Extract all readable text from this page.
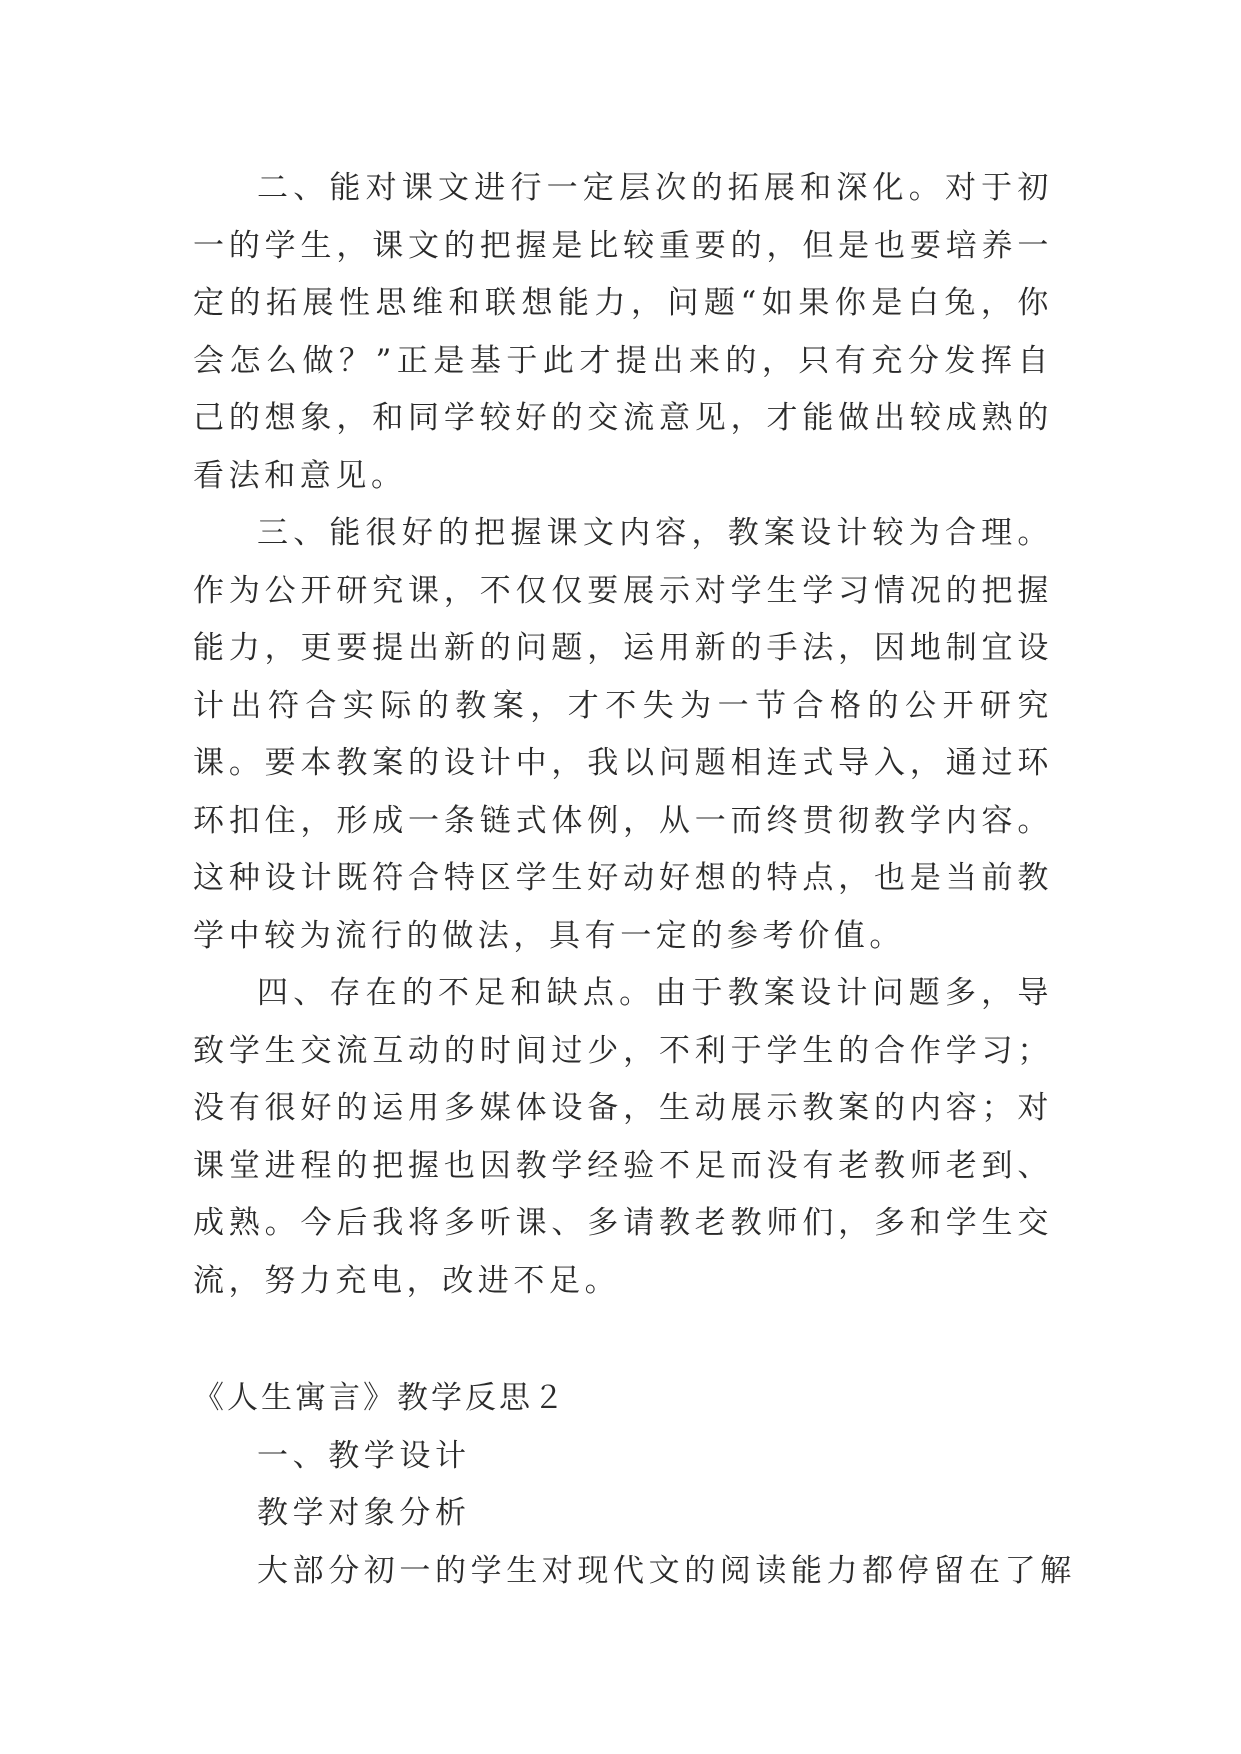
二、能对课文进行一定层次的拓展和深化。对于初一的学生，课文的把握是比较重要的，但是也要培养一定的拓展性思维和联想能力，问题“如果你是白兔，你会怎么做？”正是基于此才提出来的，只有充分发挥自己的想象，和同学较好的交流意见，才能做出较成熟的看法和意见。

三、能很好的把握课文内容，教案设计较为合理。作为公开研究课，不仅仅要展示对学生学习情况的把握能力，更要提出新的问题，运用新的手法，因地制宜设计出符合实际的教案，才不失为一节合格的公开研究课。要本教案的设计中，我以问题相连式导入，通过环环扣住，形成一条链式体例，从一而终贯彻教学内容。这种设计既符合特区学生好动好想的特点，也是当前教学中较为流行的做法，具有一定的参考价值。

四、存在的不足和缺点。由于教案设计问题多，导致学生交流互动的时间过少，不利于学生的合作学习；没有很好的运用多媒体设备，生动展示教案的内容；对课堂进程的把握也因教学经验不足而没有老教师老到、成熟。今后我将多听课、多请教老教师们，多和学生交流，努力充电，改进不足。

《人生寓言》教学反思２

一、教学设计

教学对象分析

大部分初一的学生对现代文的阅读能力都停留在了解
